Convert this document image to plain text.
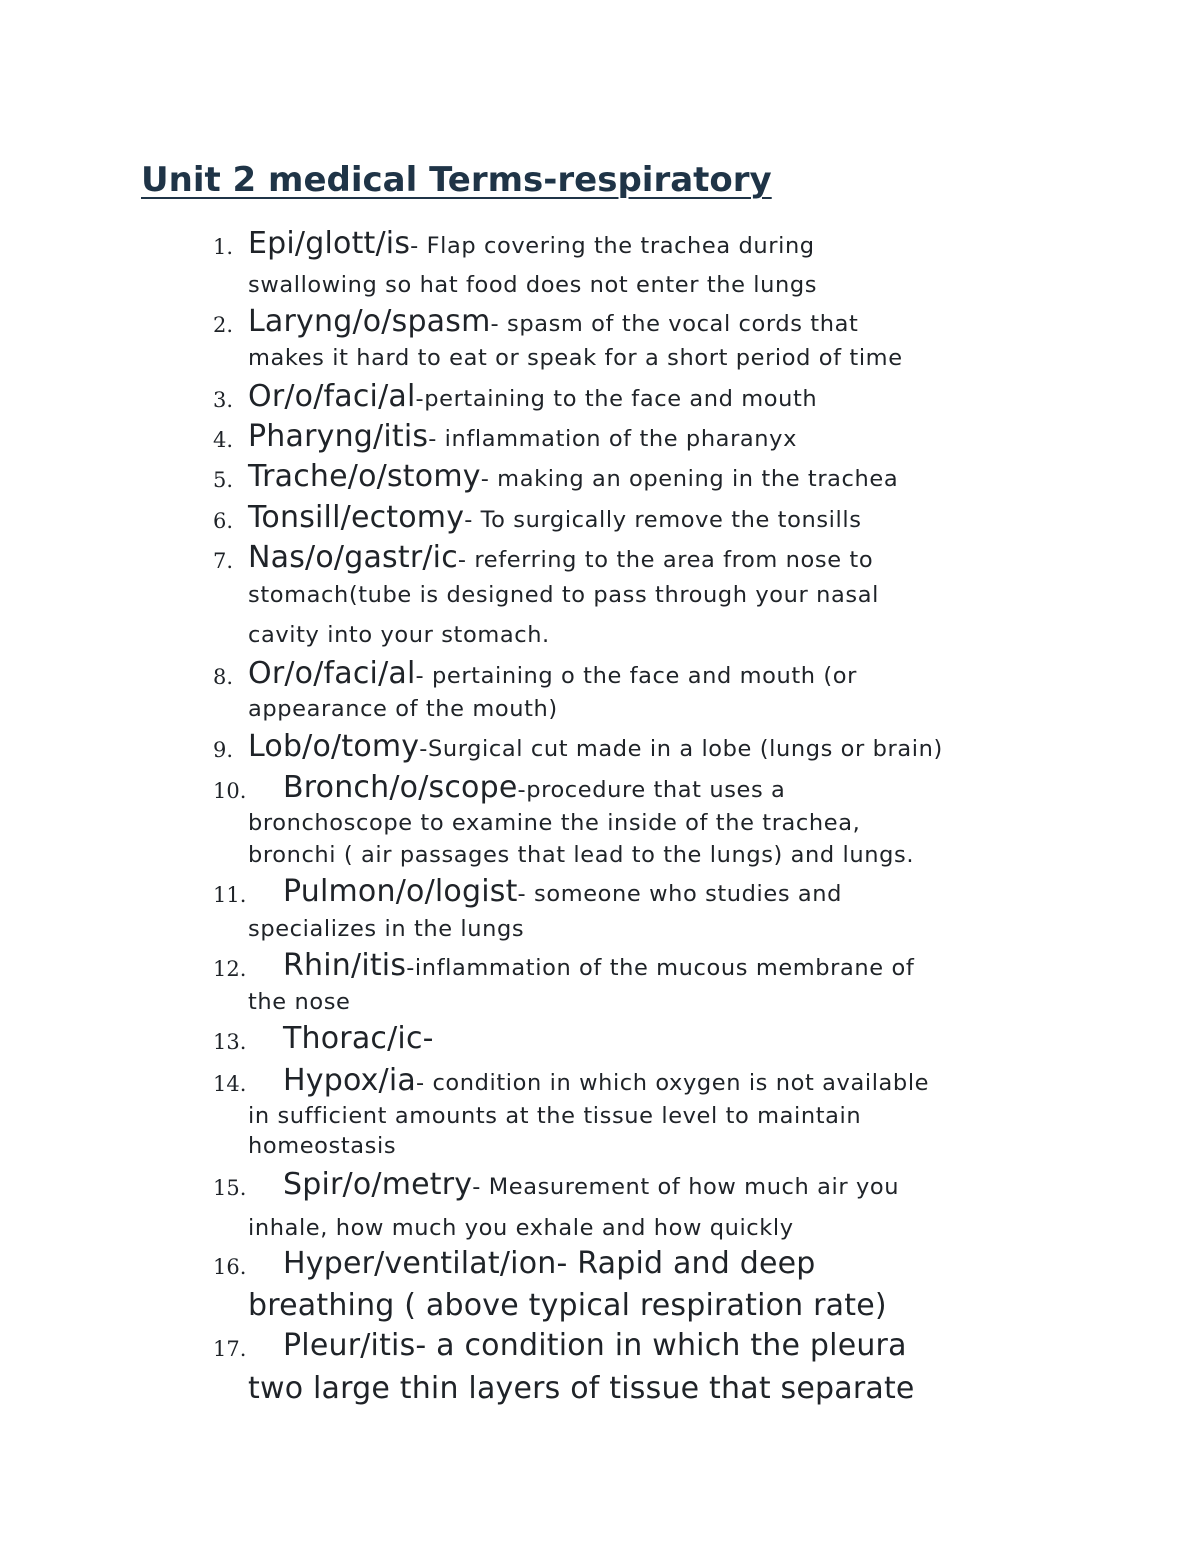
Unit 2 medical Terms-respiratory
1. Epi/glott/is- Flap covering the trachea during
swallowing so hat food does not enter the lungs
2. Laryng/o/spasm- spasm of the vocal cords that
makes it hard to eat or speak for a short period of time
3. Or/o/faci/al-pertaining to the face and mouth
4. Pharyng/itis- inflammation of the pharanyx
5. Trache/o/stomy- making an opening in the trachea
6. Tonsill/ectomy- To surgically remove the tonsills
7. Nas/o/gastr/ic- referring to the area from nose to
stomach(tube is designed to pass through your nasal
cavity into your stomach.
8. Or/o/faci/al- pertaining o the face and mouth (or
appearance of the mouth)
9. Lob/o/tomy-Surgical cut made in a lobe (lungs or brain)
10. Bronch/o/scope-procedure that uses a
bronchoscope to examine the inside of the trachea,
bronchi ( air passages that lead to the lungs) and lungs.
11. Pulmon/o/logist- someone who studies and
specializes in the lungs
12. Rhin/itis-inflammation of the mucous membrane of
the nose
13. Thorac/ic-
14. Hypox/ia- condition in which oxygen is not available
in sufficient amounts at the tissue level to maintain
homeostasis
15. Spir/o/metry- Measurement of how much air you
inhale, how much you exhale and how quickly
16. Hyper/ventilat/ion- Rapid and deep
breathing ( above typical respiration rate)
17. Pleur/itis- a condition in which the pleura
two large thin layers of tissue that separate
